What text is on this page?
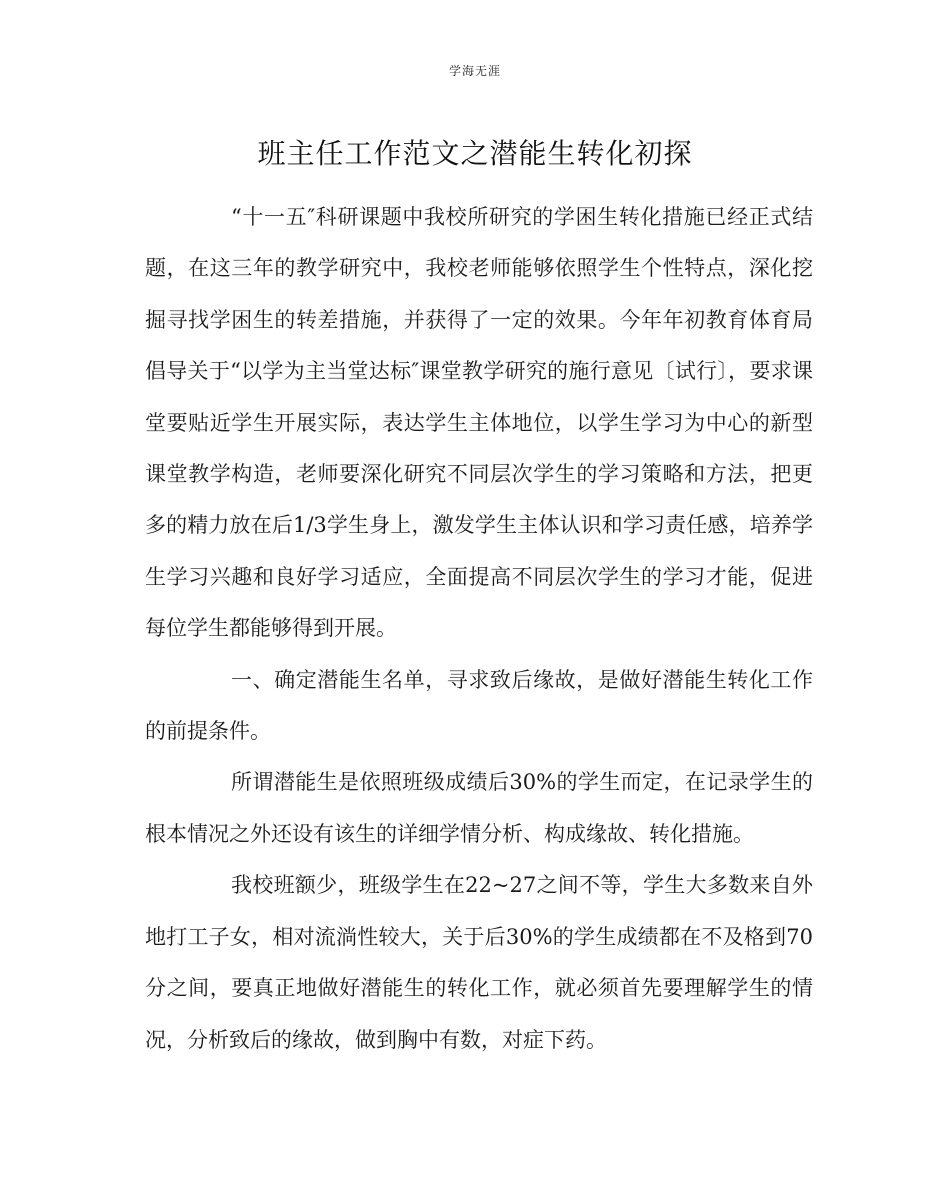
学海无涯
班主任工作范文之潜能生转化初探

“十一五″科研课题中我校所研究的学困生转化措施已经正式结题，在这三年的教学研究中，我校老师能够依照学生个性特点，深化挖掘寻找学困生的转差措施，并获得了一定的效果。今年年初教育体育局倡导关于“以学为主当堂达标″课堂教学研究的施行意见〔试行〕，要求课堂要贴近学生开展实际，表达学生主体地位，以学生学习为中心的新型课堂教学构造，老师要深化研究不同层次学生的学习策略和方法，把更多的精力放在后1/3学生身上，激发学生主体认识和学习责任感，培养学生学习兴趣和良好学习适应，全面提高不同层次学生的学习才能，促进每位学生都能够得到开展。

一、确定潜能生名单，寻求致后缘故，是做好潜能生转化工作的前提条件。

所谓潜能生是依照班级成绩后30%的学生而定，在记录学生的根本情况之外还设有该生的详细学情分析、构成缘故、转化措施。

我校班额少，班级学生在22~27之间不等，学生大多数来自外地打工子女，相对流淌性较大，关于后30%的学生成绩都在不及格到70分之间，要真正地做好潜能生的转化工作，就必须首先要理解学生的情况，分析致后的缘故，做到胸中有数，对症下药。
